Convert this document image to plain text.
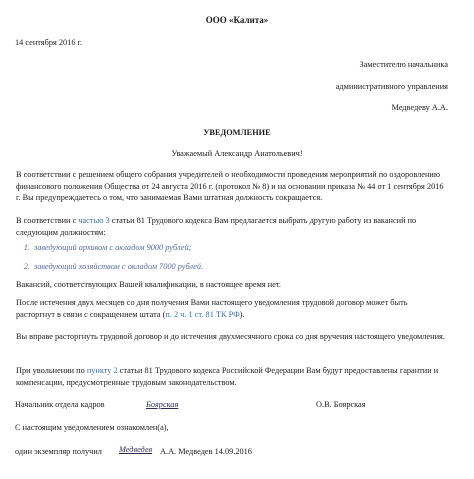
ООО «Калита»
14 сентября 2016 г.
Заместителю начальника
административного управления
Медведеву А.А.
УВЕДОМЛЕНИЕ
Уважаемый Александр Анатольевич!
В соответствии с решением общего собрания учредителей о необходимости проведения мероприятий по оздоровлению финансового положения Общества от 24 августа 2016 г. (протокол № 8) и на основании приказа № 44 от 1 сентября 2016 г. Вы предупреждаетесь о том, что занимаемая Вами штатная должность сокращается.
В соответствии с частью 3 статьи 81 Трудового кодекса Вам предлагается выбрать другую работу из вакансий по следующим должностям:
1. заведующий архивом с окладом 9000 рублей;
2. заведующий хозяйством с окладом 7000 рублей.
Вакансий, соответствующих Вашей квалификации, в настоящее время нет.
После истечения двух месяцев со дня получения Вами настоящего уведомления трудовой договор может быть расторгнут в связи с сокращением штата (п. 2 ч. 1 ст. 81 ТК РФ).
Вы вправе расторгнуть трудовой договор и до истечения двухмесячного срока со дня вручения настоящего уведомления.
При увольнении по пункту 2 статьи 81 Трудового кодекса Российской Федерации Вам будут предоставлены гарантии и компенсации, предусмотренные трудовым законодательством.
Начальник отдела кадров	Боярская	О.В. Боярская
С настоящим уведомлением ознакомлен(а),
один экземпляр получил Медведев А.А. Медведев 14.09.2016
